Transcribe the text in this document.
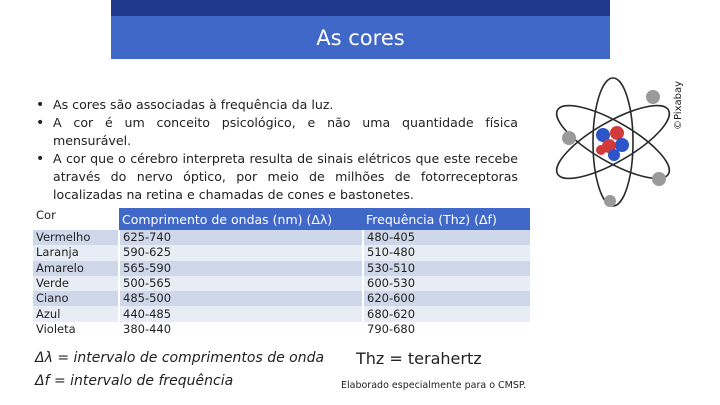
As cores
• As cores são associadas à frequência da luz.
• A cor é um conceito psicológico, e não uma quantidade física mensurável.
• A cor que o cérebro interpreta resulta de sinais elétricos que este recebe através do nervo óptico, por meio de milhões de fotorreceptoras localizadas na retina e chamadas de cones e bastonetes.
©Pixabay
Cor	Comprimento de ondas (nm) (Δλ)	Frequência (Thz) (Δf)
Vermelho	625-740	480-405
Laranja	590-625	510-480
Amarelo	565-590	530-510
Verde	500-565	600-530
Ciano	485-500	620-600
Azul	440-485	680-620
Violeta	380-440	790-680
Δλ = intervalo de comprimentos de onda
Δf = intervalo de frequência
Thz = terahertz
Elaborado especialmente para o CMSP.
